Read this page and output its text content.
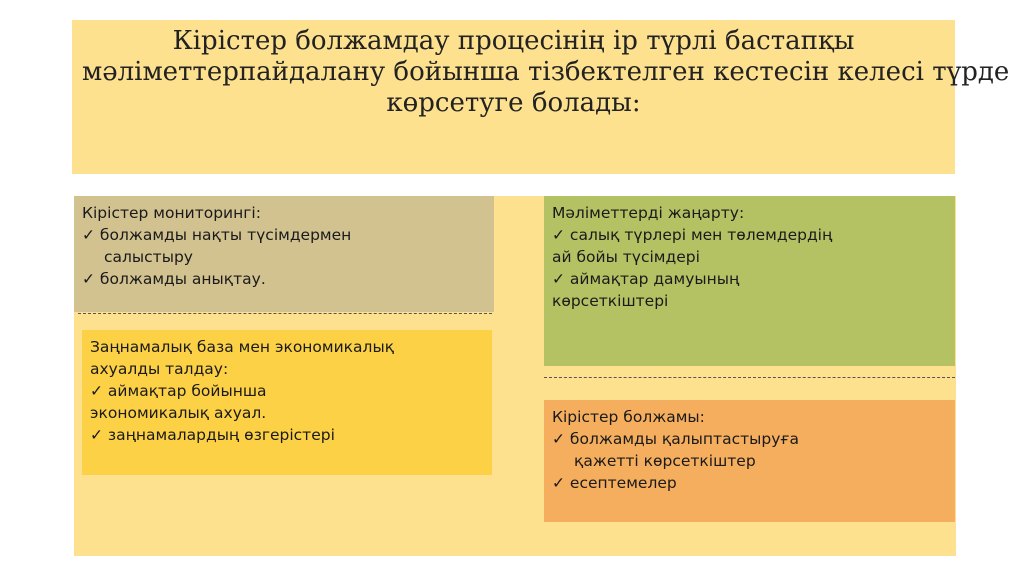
Кірістер болжамдау процесінің ір түрлі бастапқы
мәліметтерпайдалану бойынша тізбектелген кестесін келесі түрде
көрсетуге болады:
Кірістер мониторингі:
✓ болжамды нақты түсімдермен
салыстыру
✓ болжамды анықтау.
Мәліметтерді жаңарту:
✓ салық түрлері мен төлемдердің
ай бойы түсімдері
✓ аймақтар дамуының
көрсеткіштері
Заңнамалық база мен экономикалық
ахуалды талдау:
✓ аймақтар бойынша
экономикалық ахуал.
✓ заңнамалардың өзгерістері
Кірістер болжамы:
✓ болжамды қалыптастыруға
қажетті көрсеткіштер
✓ есептемелер
